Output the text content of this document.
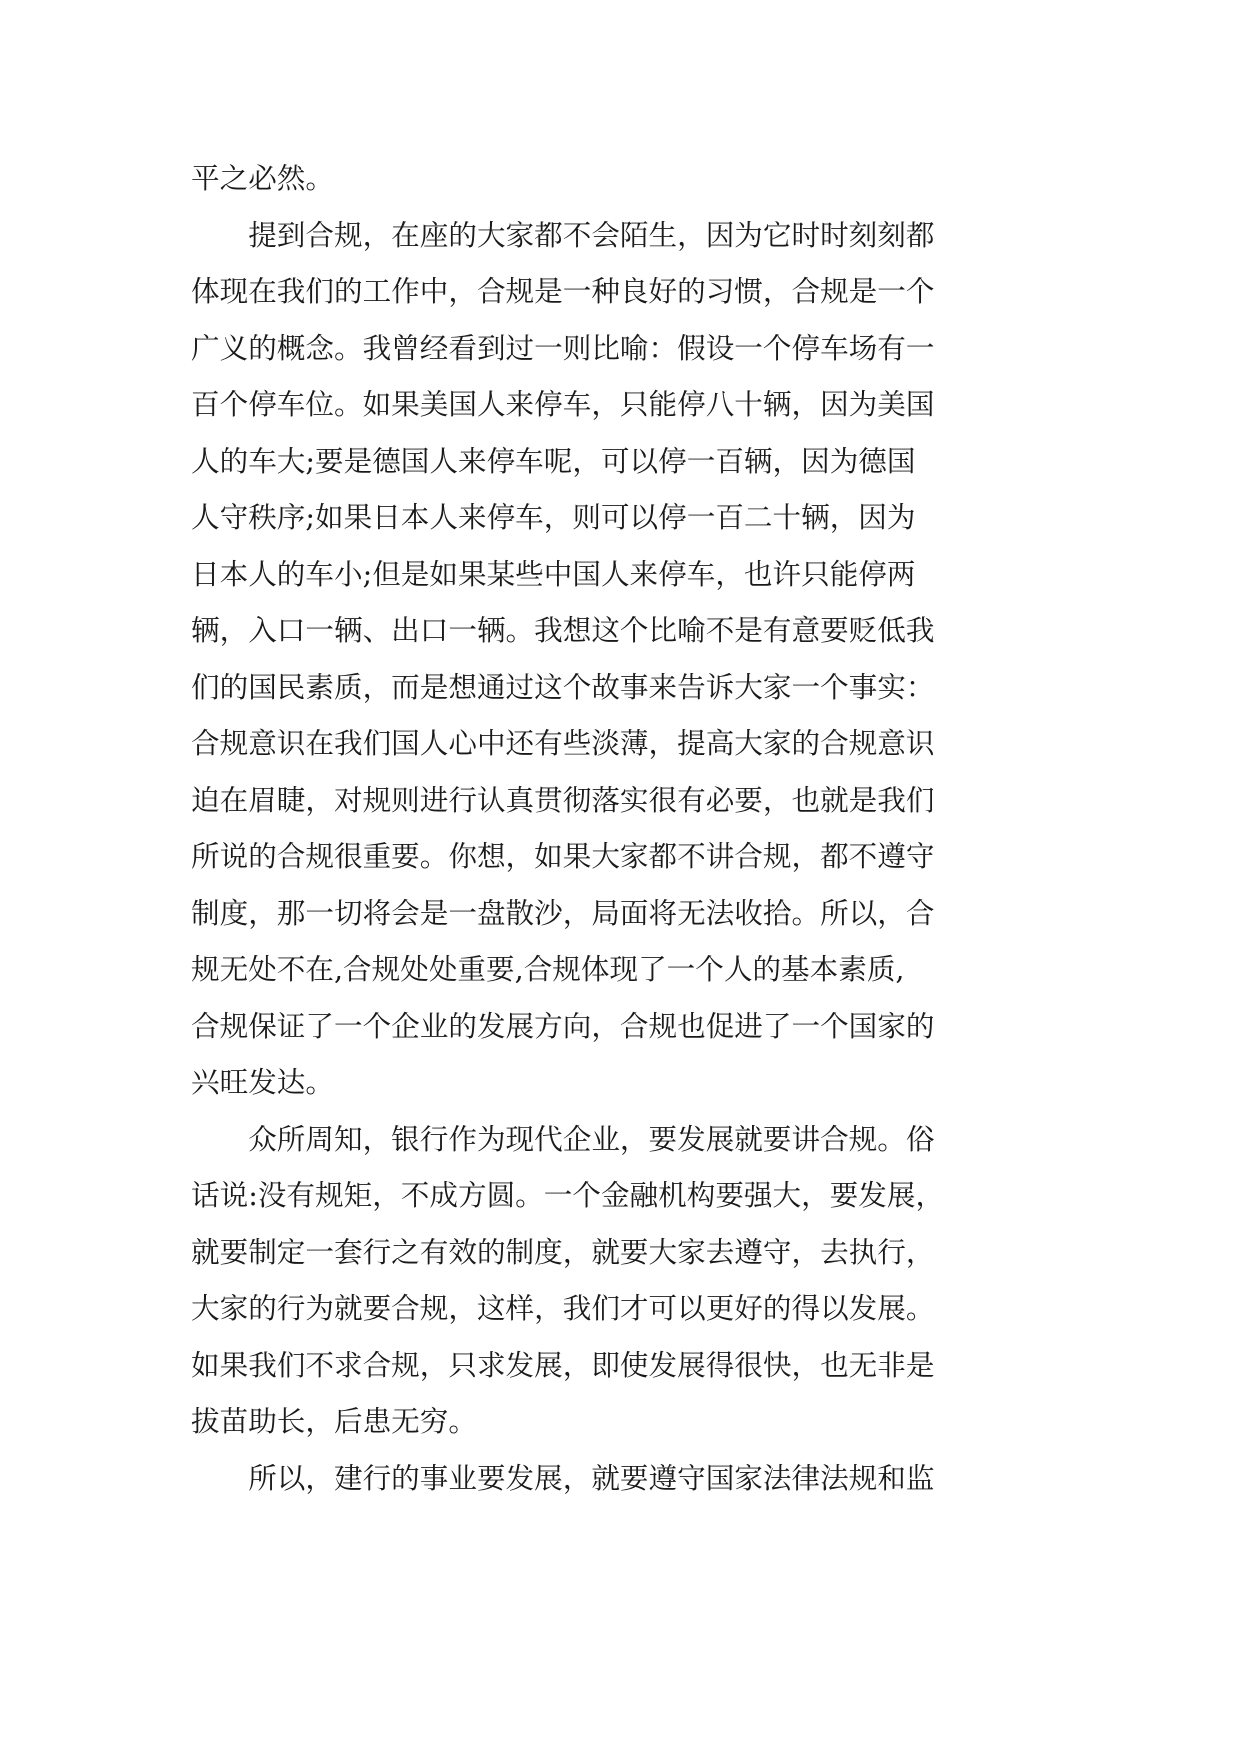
平之必然。
　　提到合规，在座的大家都不会陌生，因为它时时刻刻都
体现在我们的工作中，合规是一种良好的习惯，合规是一个
广义的概念。我曾经看到过一则比喻：假设一个停车场有一
百个停车位。如果美国人来停车，只能停八十辆，因为美国
人的车大;要是德国人来停车呢，可以停一百辆，因为德国
人守秩序;如果日本人来停车，则可以停一百二十辆，因为
日本人的车小;但是如果某些中国人来停车，也许只能停两
辆，入口一辆、出口一辆。我想这个比喻不是有意要贬低我
们的国民素质，而是想通过这个故事来告诉大家一个事实：
合规意识在我们国人心中还有些淡薄，提高大家的合规意识
迫在眉睫，对规则进行认真贯彻落实很有必要，也就是我们
所说的合规很重要。你想，如果大家都不讲合规，都不遵守
制度，那一切将会是一盘散沙，局面将无法收拾。所以，合
规无处不在,合规处处重要,合规体现了一个人的基本素质,
合规保证了一个企业的发展方向，合规也促进了一个国家的
兴旺发达。
　　众所周知，银行作为现代企业，要发展就要讲合规。俗
话说:没有规矩，不成方圆。一个金融机构要强大，要发展，
就要制定一套行之有效的制度，就要大家去遵守，去执行，
大家的行为就要合规，这样，我们才可以更好的得以发展。
如果我们不求合规，只求发展，即使发展得很快，也无非是
拔苗助长，后患无穷。
　　所以，建行的事业要发展，就要遵守国家法律法规和监
